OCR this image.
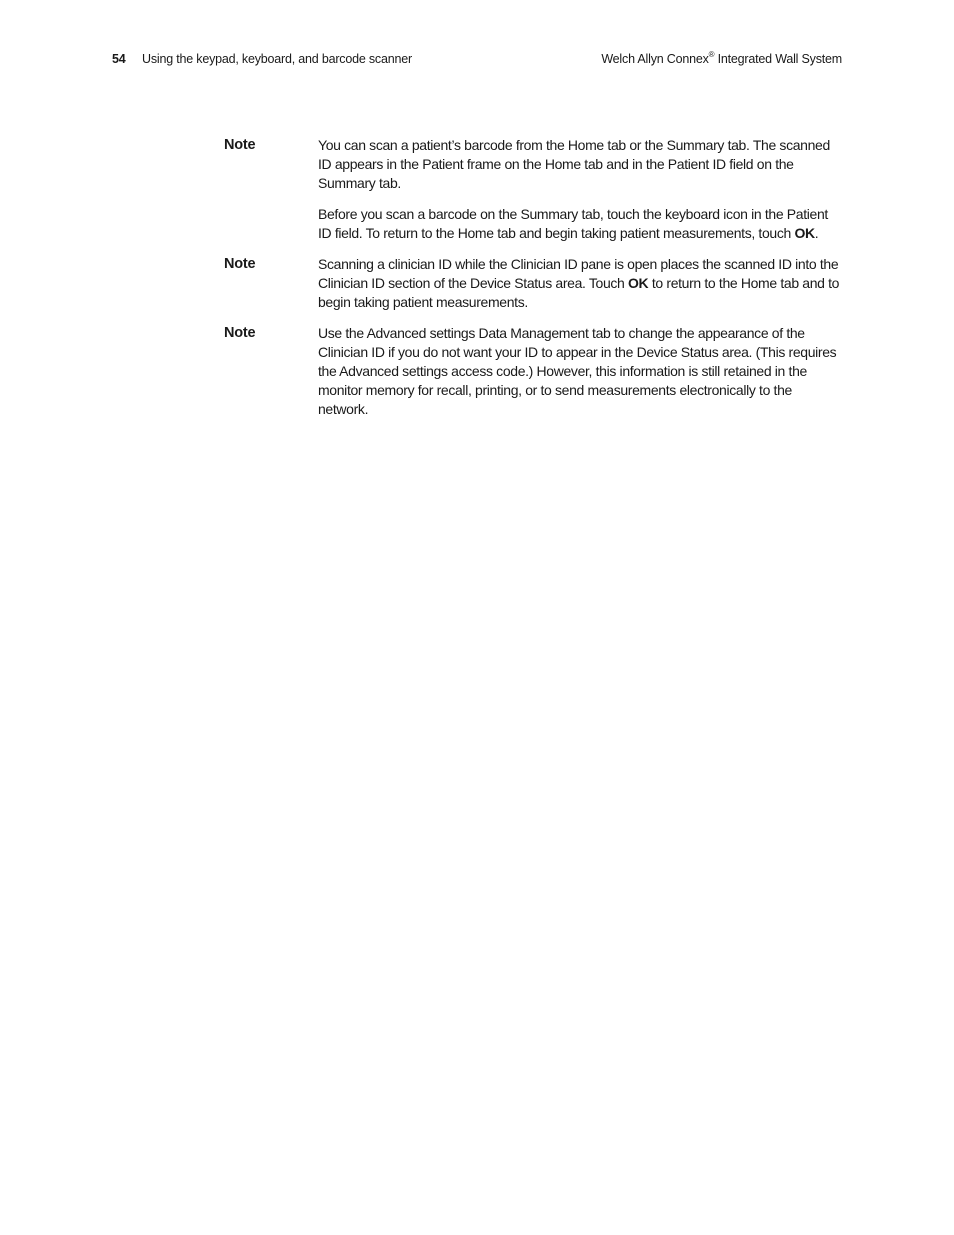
54 Using the keypad, keyboard, and barcode scanner	Welch Allyn Connex® Integrated Wall System
Note	You can scan a patient’s barcode from the Home tab or the Summary tab. The scanned ID appears in the Patient frame on the Home tab and in the Patient ID field on the Summary tab.

Before you scan a barcode on the Summary tab, touch the keyboard icon in the Patient ID field. To return to the Home tab and begin taking patient measurements, touch OK.

Note	Scanning a clinician ID while the Clinician ID pane is open places the scanned ID into the Clinician ID section of the Device Status area. Touch OK to return to the Home tab and to begin taking patient measurements.

Note	Use the Advanced settings Data Management tab to change the appearance of the Clinician ID if you do not want your ID to appear in the Device Status area. (This requires the Advanced settings access code.) However, this information is still retained in the monitor memory for recall, printing, or to send measurements electronically to the network.
